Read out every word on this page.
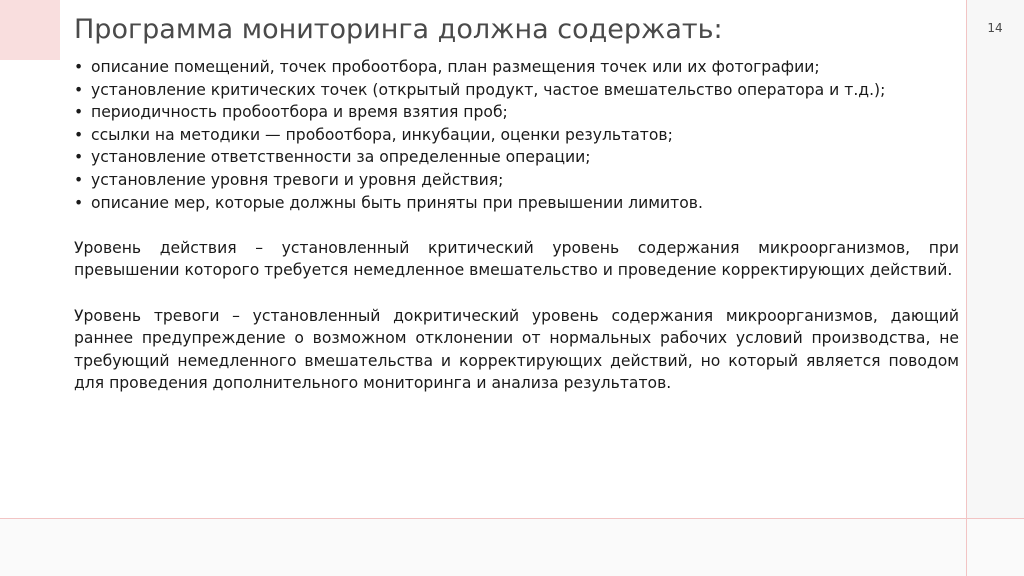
Программа мониторинга должна содержать:	14
• описание помещений, точек пробоотбора, план размещения точек или их фотографии;
• установление критических точек (открытый продукт, частое вмешательство оператора и т.д.);
• периодичность пробоотбора и время взятия проб;
• ссылки на методики — пробоотбора, инкубации, оценки результатов;
• установление ответственности за определенные операции;
• установление уровня тревоги и уровня действия;
• описание мер, которые должны быть приняты при превышении лимитов.

Уровень действия – установленный критический уровень содержания микроорганизмов, при превышении которого требуется немедленное вмешательство и проведение корректирующих действий.

Уровень тревоги – установленный докритический уровень содержания микроорганизмов, дающий раннее предупреждение о возможном отклонении от нормальных рабочих условий производства, не требующий немедленного вмешательства и корректирующих действий, но который является поводом для проведения дополнительного мониторинга и анализа результатов.
